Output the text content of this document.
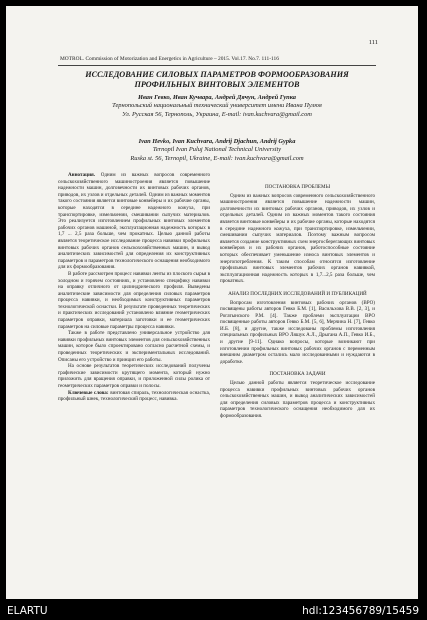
111
MOTROL. Commission of Motorization and Energetics in Agriculture – 2015. Vol.17. No.7. 111-116
ИССЛЕДОВАНИЕ СИЛОВЫХ ПАРАМЕТРОВ ФОРМООБРАЗОВАНИЯ ПРОФИЛЬНЫХ ВИНТОВЫХ ЭЛЕМЕНТОВ
Иван Гевко, Иван Кучвара, Андрей Дячун, Андрей Гупка
Тернопольский национальный технический университет имени Ивана Пулюя
Ул. Русская 56, Тернополь, Украина, E-mail: ivan.kuchvara@gmail.com
Ivan Hevko, Ivan Kuchvara, Andrij Djachun, Andrij Gypka
Ternopil Ivan Puluj National Technical University
Ruska st. 56, Ternopil, Ukraine, E-mail: ivan.kuchvara@gmail.com

Аннотация. Одним из важных вопросов современного сельскохозяйственного машиностроения является повышение надежности машин, долговечности их винтовых рабочих органов, приводов, их узлов и отдельных деталей. Одним из важных моментов такого состояния является винтовые конвейеры и их рабочие органы, которые находятся в середине надежного кожуха, при транспортировке, измельчении, смешивании сыпучих материалов. Это реализуется изготовлением профильных винтовых элементов рабочих органов машиной, эксплуатационная надежность которых в 1,7 ... 2,5 раза больше, чем прокатных. Целью данной работы является теоретическое исследование процесса навивки профильных винтовых рабочих органов сельскохозяйственных машин, и вывод аналитических зависимостей для определения их конструктивных параметров и параметров технологического оснащения необходимого для их формообразования.

В работе рассмотрен процесс навивки ленты из плоского сырья в холодном и горячем состояниях, и установлено специфику навивки на оправку отличного от цилиндрического профиля. Выведены аналитические зависимости для определения силовых параметров процесса навивки, и необходимых конструктивных параметров технологической оснастки. В результате проведенных теоретических и практических исследований установлено влияние геометрических параметров оправки, материала заготовки и ее геометрических параметров на силовые параметры процесса навивки.

Также в работе представлено универсальное устройство для навивки профильных винтовых элементов для сельскохозяйственных машин, которое было спроектировано согласно расчетной схемы, и проведенных теоретических и экспериментальных исследований. Описаны его устройство и принцип его работы.

На основе результатов теоретических исследований получены графические зависимости крутящего момента, который нужно приложить для вращения оправки, и приложенной силы ролика от геометрических параметров оправки и полосы.

Ключевые слова: винтовая спираль, технологическая оснастка, профильный шнек, технологический процесс, навивка.

ПОСТАНОВКА ПРОБЛЕМЫ

Одним из важных вопросов современного сельскохозяйственного машиностроения является повышение надежности машин, долговечности их винтовых рабочих органов, приводов, их узлов и отдельных деталей. Одним из важных моментов такого состояния является винтовые конвейеры и их рабочие органы, которые находятся в середине надежного кожуха, при транспортировке, измельчении, смешивании сыпучих материалов. Поэтому важным вопросом является создание конструктивных схем энергосберегающих винтовых конвейеров и их рабочих органов, работоспособные состояние которых обеспечивает уменьшение износа винтовых элементов и энергопотребления. К таким способам относятся изготовление профильных винтовых элементов рабочих органов навивкой, эксплуатационная надежность которых в 1,7...2,5 раза больше, чем прокатных.

АНАЛИЗ ПОСЛЕДНИХ ИССЛЕДОВАНИЙ И ПУБЛИКАЦИЙ

Вопросам изготовления винтовых рабочих органов (ВРО) посвящены работы авторов Гевко Б.М. [1], Васильхова В.В. [2, 3], и Рогатынского Р.М. [4]. Также проблеми эксплуатации ВРО посвященные работы авторов Гевко Б.М. [5, 6], Мерчина Н. [7], Гевко И.Б. [8], и другие, также исследованы проблемы изготовления специальных профильных ВРО Ляшук А.Л., Дрыгана А.П., Гевко И.Б., и другие [9-11]. Однако вопросы, которые возникают при изготовлении профильных винтовых рабочих органов с переменным внешним диаметром остались мало исследованными и нуждаются в доработке.

ПОСТАНОВКА ЗАДАЧИ

Целью данной работы является теоретическое исследование процесса навивки профильных винтовых рабочих органов сельскохозяйственных машин, и вывод аналитических зависимостей для определения силовых параметров процесса и конструктивных параметров технологического оснащения необходимого для их формообразования.

ELARTU	hdl:123456789/15459
